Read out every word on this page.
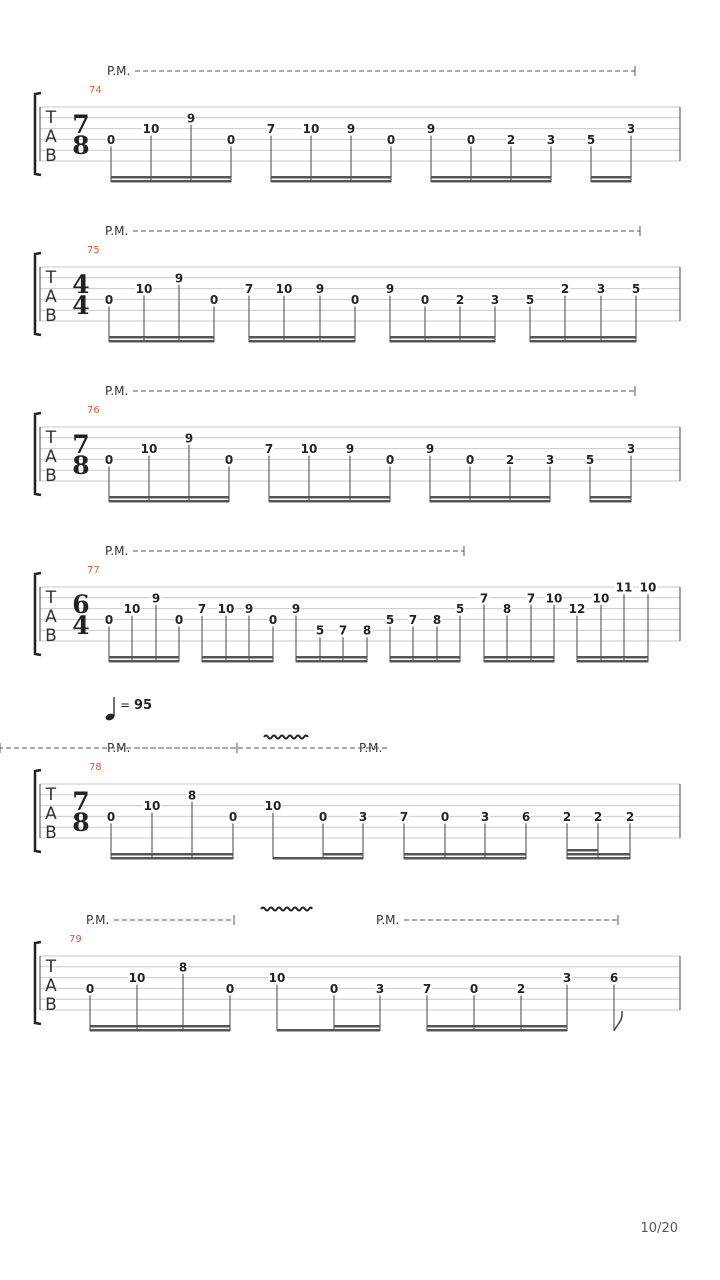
T
A
B
74
7
8
P.M.
0
10
9
0
7 10 9
0
9
0	2	3	5
3
T
A
B
75
4
4
P.M.
0
10
9
0
7 10 9
0
9
0 2 3 5
2 3 5
T
A
B
76
7
8
P.M.
0
10
9
0
7 10 9
0
9
0	2	3	5
3
T
A
B
77
6
4
P.M.
0
10
9
0
7 10 9
0
9
5 7 8
5 7 8
5
7
8
7 10
12
10
11 10
T
A
B
78
7
8
= 95
P.M.	P.M.
0
10
8
0
10
0	3	7	0	3	6	2 2 2
T
A
B
79
P.M.	P.M.
0
10
8
0
10
0	3	7	0	2
3	6
10/20
